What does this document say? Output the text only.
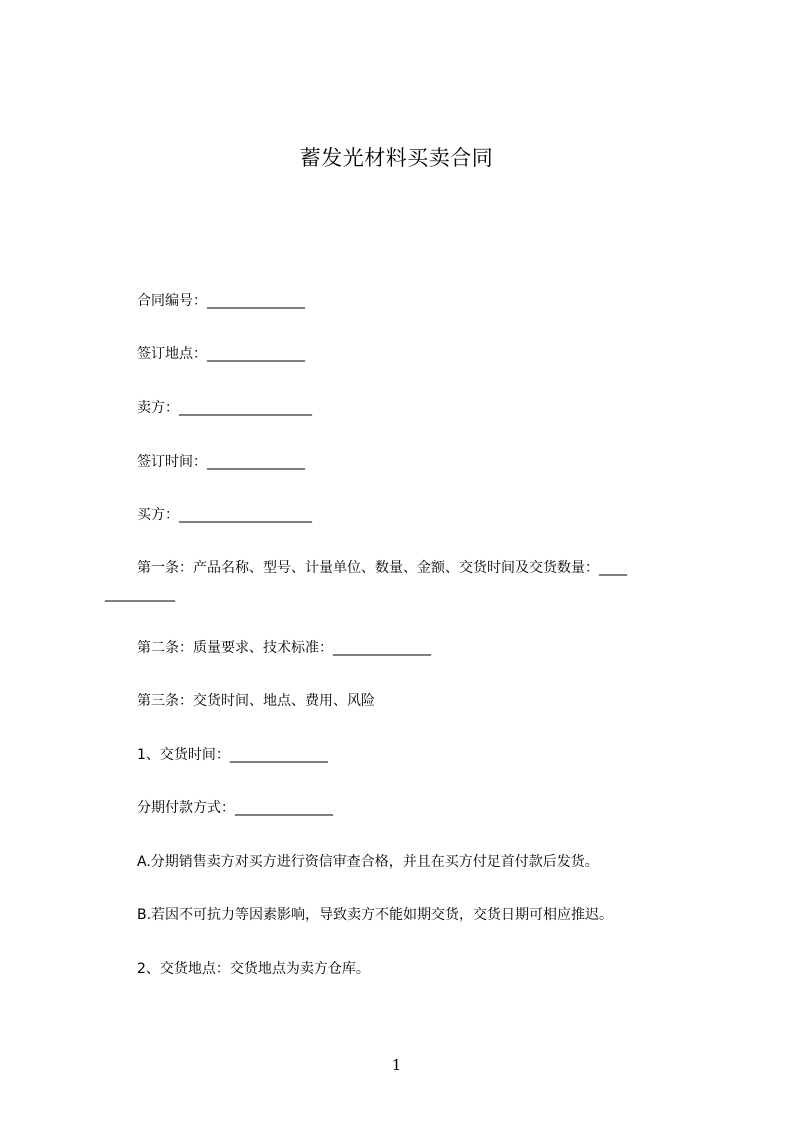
蓄发光材料买卖合同
合同编号：______________
签订地点：______________
卖方：___________________
签订时间：______________
买方：___________________
第一条：产品名称、型号、计量单位、数量、金额、交货时间及交货数量：____
__________
第二条：质量要求、技术标准：______________
第三条：交货时间、地点、费用、风险
1、交货时间：______________
分期付款方式：______________
A.分期销售卖方对买方进行资信审查合格，并且在买方付足首付款后发货。
B.若因不可抗力等因素影响，导致卖方不能如期交货，交货日期可相应推迟。
2、交货地点：交货地点为卖方仓库。
1
